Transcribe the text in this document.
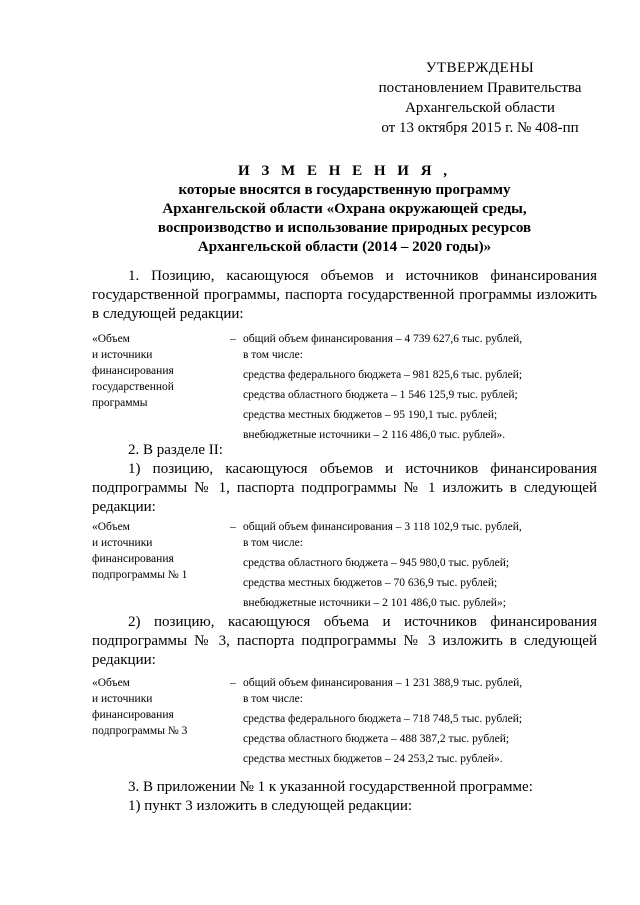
УТВЕРЖДЕНЫ
постановлением Правительства
Архангельской области
от 13 октября 2015 г. № 408-пп
И З М Е Н Е Н И Я ,
которые вносятся в государственную программу
Архангельской области «Охрана окружающей среды,
воспроизводство и использование природных ресурсов
Архангельской области (2014 – 2020 годы)»
1. Позицию, касающуюся объемов и источников финансирования государственной программы, паспорта государственной программы изложить в следующей редакции:
«Объем
и источники
финансирования
государственной
программы
– общий объем финансирования – 4 739 627,6 тыс. рублей,
в том числе:
средства федерального бюджета – 981 825,6 тыс. рублей;
средства областного бюджета – 1 546 125,9 тыс. рублей;
средства местных бюджетов – 95 190,1 тыс. рублей;
внебюджетные источники – 2 116 486,0 тыс. рублей».
2. В разделе II:
1) позицию, касающуюся объемов и источников финансирования подпрограммы № 1, паспорта подпрограммы № 1 изложить в следующей редакции:
«Объем
и источники
финансирования
подпрограммы № 1
– общий объем финансирования – 3 118 102,9 тыс. рублей,
в том числе:
средства областного бюджета – 945 980,0 тыс. рублей;
средства местных бюджетов – 70 636,9 тыс. рублей;
внебюджетные источники – 2 101 486,0 тыс. рублей»;
2) позицию, касающуюся объема и источников финансирования подпрограммы № 3, паспорта подпрограммы № 3 изложить в следующей редакции:
«Объем
и источники
финансирования
подпрограммы № 3
– общий объем финансирования – 1 231 388,9 тыс. рублей,
в том числе:
средства федерального бюджета – 718 748,5 тыс. рублей;
средства областного бюджета – 488 387,2 тыс. рублей;
средства местных бюджетов – 24 253,2 тыс. рублей».
3. В приложении № 1 к указанной государственной программе:
1) пункт 3 изложить в следующей редакции:
